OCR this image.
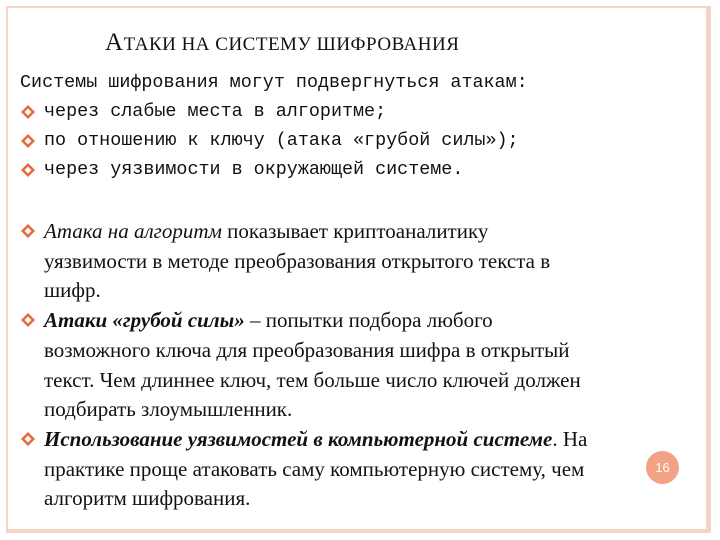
АТАКИ НА СИСТЕМУ ШИФРОВАНИЯ
Системы шифрования могут подвергнуться атакам:
через слабые места в алгоритме;
по отношению к ключу (атака «грубой силы»);
через уязвимости в окружающей системе.
Атака на алгоритм показывает криптоаналитику
уязвимости в методе преобразования открытого текста в
шифр.
Атаки «грубой силы» – попытки подбора любого
возможного ключа для преобразования шифра в открытый
текст. Чем длиннее ключ, тем больше число ключей должен
подбирать злоумышленник.
Использование уязвимостей в компьютерной системе. На
практике проще атаковать саму компьютерную систему, чем
алгоритм шифрования.
16
